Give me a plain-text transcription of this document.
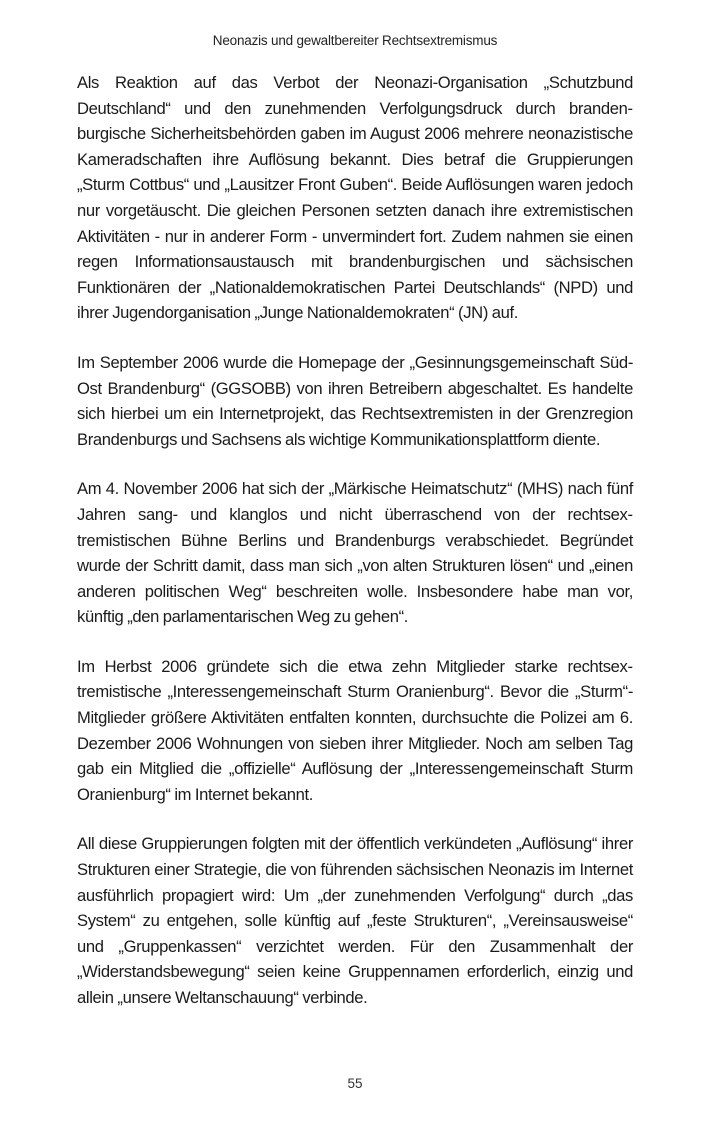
Neonazis und gewaltbereiter Rechtsextremismus

Als Reaktion auf das Verbot der Neonazi-Organisation „Schutzbund Deutschland“ und den zunehmenden Verfolgungsdruck durch brandenburgische Sicherheitsbehörden gaben im August 2006 mehrere neonazistische Kameradschaften ihre Auflösung bekannt. Dies betraf die Gruppierungen „Sturm Cottbus“ und „Lausitzer Front Guben“. Beide Auflösungen waren jedoch nur vorgetäuscht. Die gleichen Personen setzten danach ihre extremistischen Aktivitäten - nur in anderer Form - unvermindert fort. Zudem nahmen sie einen regen Informationsaustausch mit brandenburgischen und sächsischen Funktionären der „Nationaldemokratischen Partei Deutschlands“ (NPD) und ihrer Jugendorganisation „Junge Nationaldemokraten“ (JN) auf.

Im September 2006 wurde die Homepage der „Gesinnungsgemeinschaft Süd-Ost Brandenburg“ (GGSOBB) von ihren Betreibern abgeschaltet. Es handelte sich hierbei um ein Internetprojekt, das Rechtsextremisten in der Grenzregion Brandenburgs und Sachsens als wichtige Kommunikationsplattform diente.

Am 4. November 2006 hat sich der „Märkische Heimatschutz“ (MHS) nach fünf Jahren sang- und klanglos und nicht überraschend von der rechtsextremistischen Bühne Berlins und Brandenburgs verabschiedet. Begründet wurde der Schritt damit, dass man sich „von alten Strukturen lösen“ und „einen anderen politischen Weg“ beschreiten wolle. Insbesondere habe man vor, künftig „den parlamentarischen Weg zu gehen“.

Im Herbst 2006 gründete sich die etwa zehn Mitglieder starke rechtsextremistische „Interessengemeinschaft Sturm Oranienburg“. Bevor die „Sturm“-Mitglieder größere Aktivitäten entfalten konnten, durchsuchte die Polizei am 6. Dezember 2006 Wohnungen von sieben ihrer Mitglieder. Noch am selben Tag gab ein Mitglied die „offizielle“ Auflösung der „Interessengemeinschaft Sturm Oranienburg“ im Internet bekannt.

All diese Gruppierungen folgten mit der öffentlich verkündeten „Auflösung“ ihrer Strukturen einer Strategie, die von führenden sächsischen Neonazis im Internet ausführlich propagiert wird: Um „der zunehmenden Verfolgung“ durch „das System“ zu entgehen, solle künftig auf „feste Strukturen“, „Vereinsausweise“ und „Gruppenkassen“ verzichtet werden. Für den Zusammenhalt der „Widerstandsbewegung“ seien keine Gruppennamen erforderlich, einzig und allein „unsere Weltanschauung“ verbinde.

55
